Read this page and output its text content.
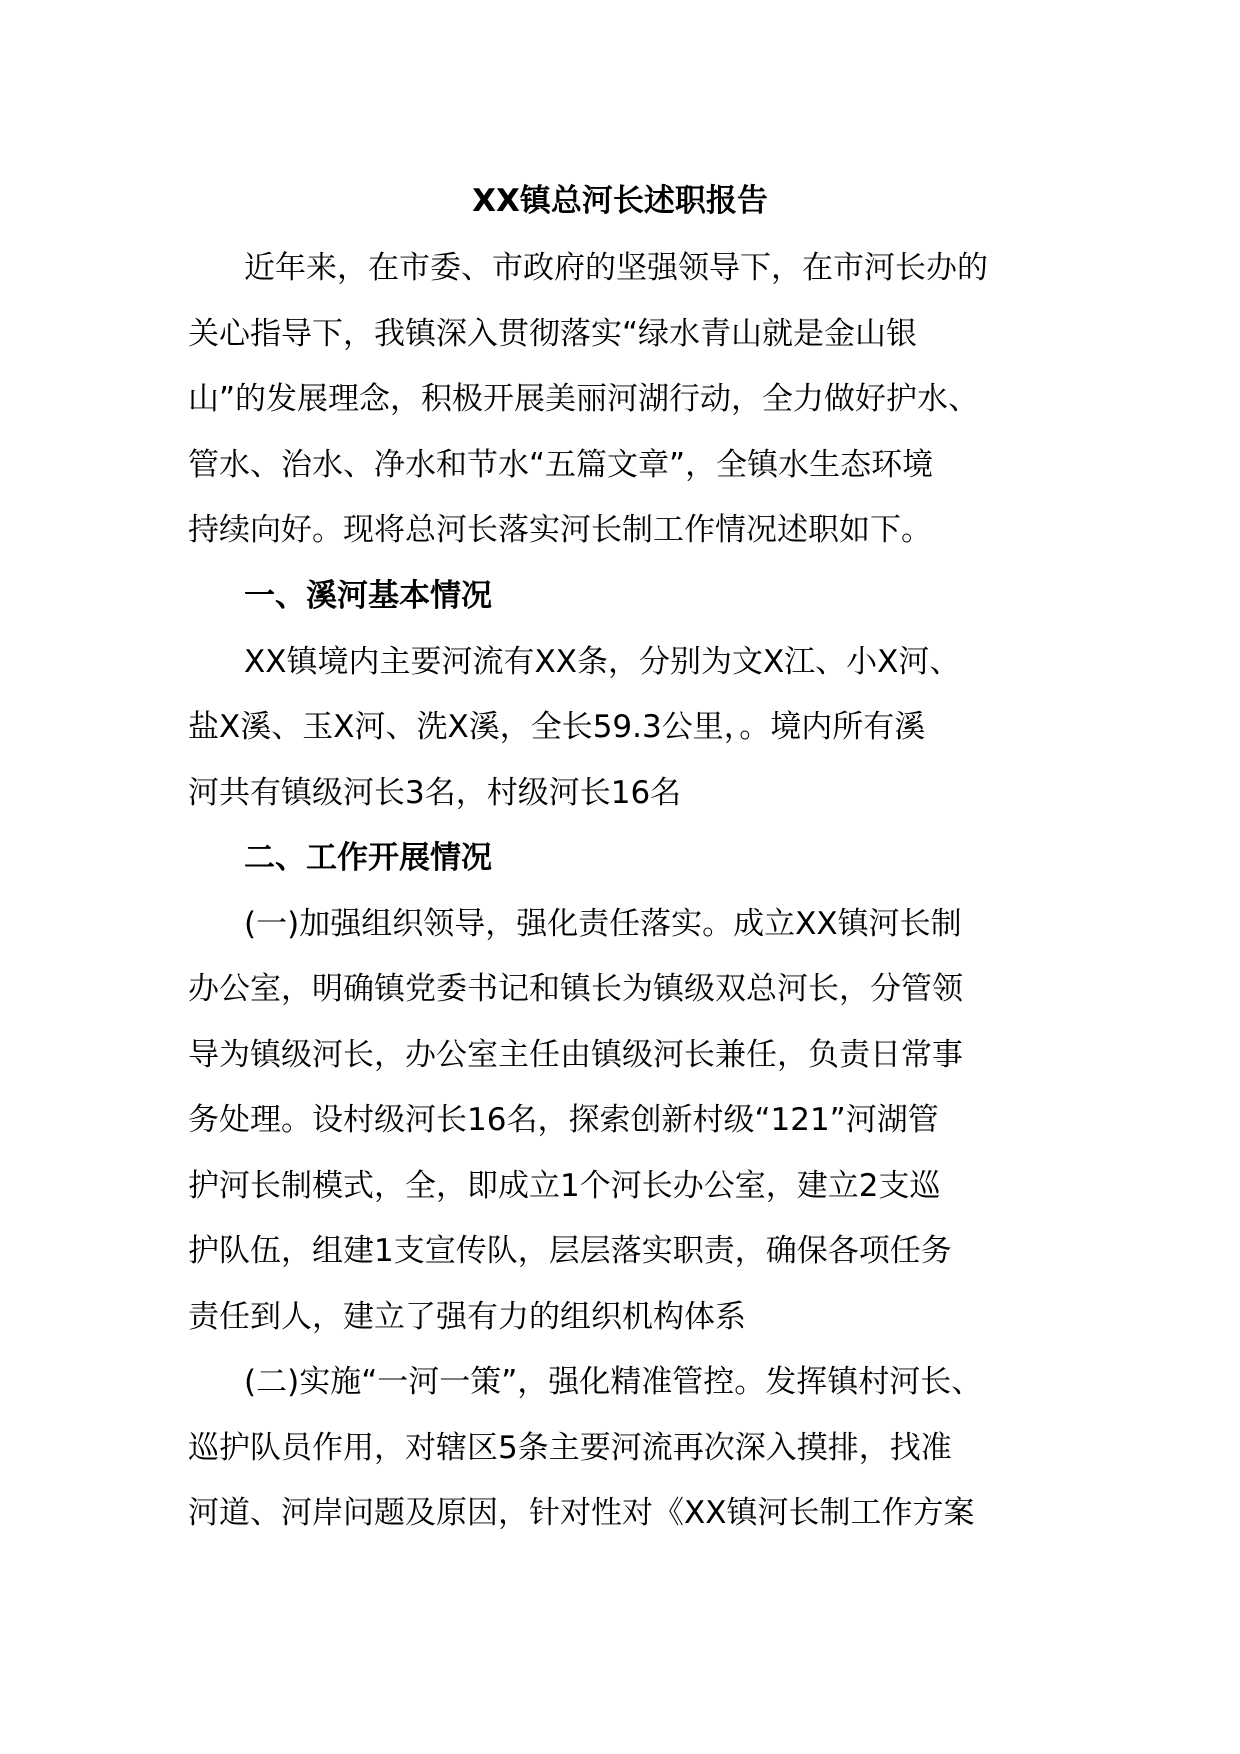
XX镇总河长述职报告
近年来，在市委、市政府的坚强领导下，在市河长办的
关心指导下，我镇深入贯彻落实“绿水青山就是金山银
山”的发展理念，积极开展美丽河湖行动，全力做好护水、
管水、治水、净水和节水“五篇文章”，全镇水生态环境
持续向好。现将总河长落实河长制工作情况述职如下。
一、溪河基本情况
XX镇境内主要河流有XX条，分别为文X江、小X河、
盐X溪、玉X河、洗X溪，全长59.3公里，。境内所有溪
河共有镇级河长3名，村级河长16名
二、工作开展情况
(一)加强组织领导，强化责任落实。成立XX镇河长制
办公室，明确镇党委书记和镇长为镇级双总河长，分管领
导为镇级河长，办公室主任由镇级河长兼任，负责日常事
务处理。设村级河长16名，探索创新村级“121”河湖管
护河长制模式，全，即成立1个河长办公室，建立2支巡
护队伍，组建1支宣传队，层层落实职责，确保各项任务
责任到人，建立了强有力的组织机构体系
(二)实施“一河一策”，强化精准管控。发挥镇村河长、
巡护队员作用，对辖区5条主要河流再次深入摸排，找准
河道、河岸问题及原因，针对性对《XX镇河长制工作方案
